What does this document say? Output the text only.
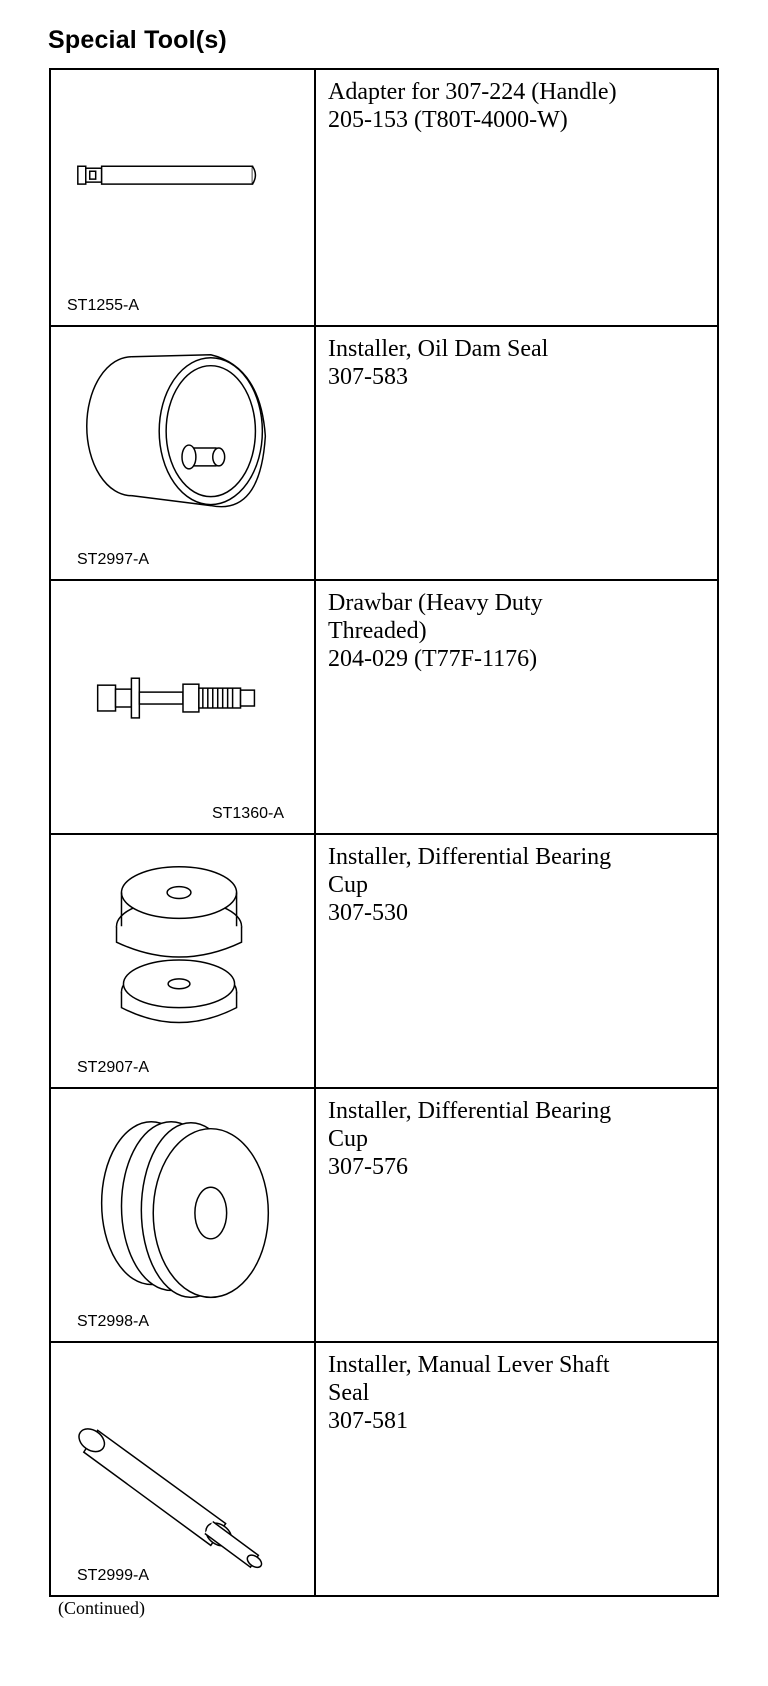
Special Tool(s)
ST1255-A	Adapter for 307-224 (Handle)
205-153 (T80T-4000-W)

ST2997-A	Installer, Oil Dam Seal
307-583

ST1360-A	Drawbar (Heavy Duty
Threaded)
204-029 (T77F-1176)

ST2907-A	Installer, Differential Bearing
Cup
307-530

ST2998-A	Installer, Differential Bearing
Cup
307-576

ST2999-A	Installer, Manual Lever Shaft
Seal
307-581
(Continued)
